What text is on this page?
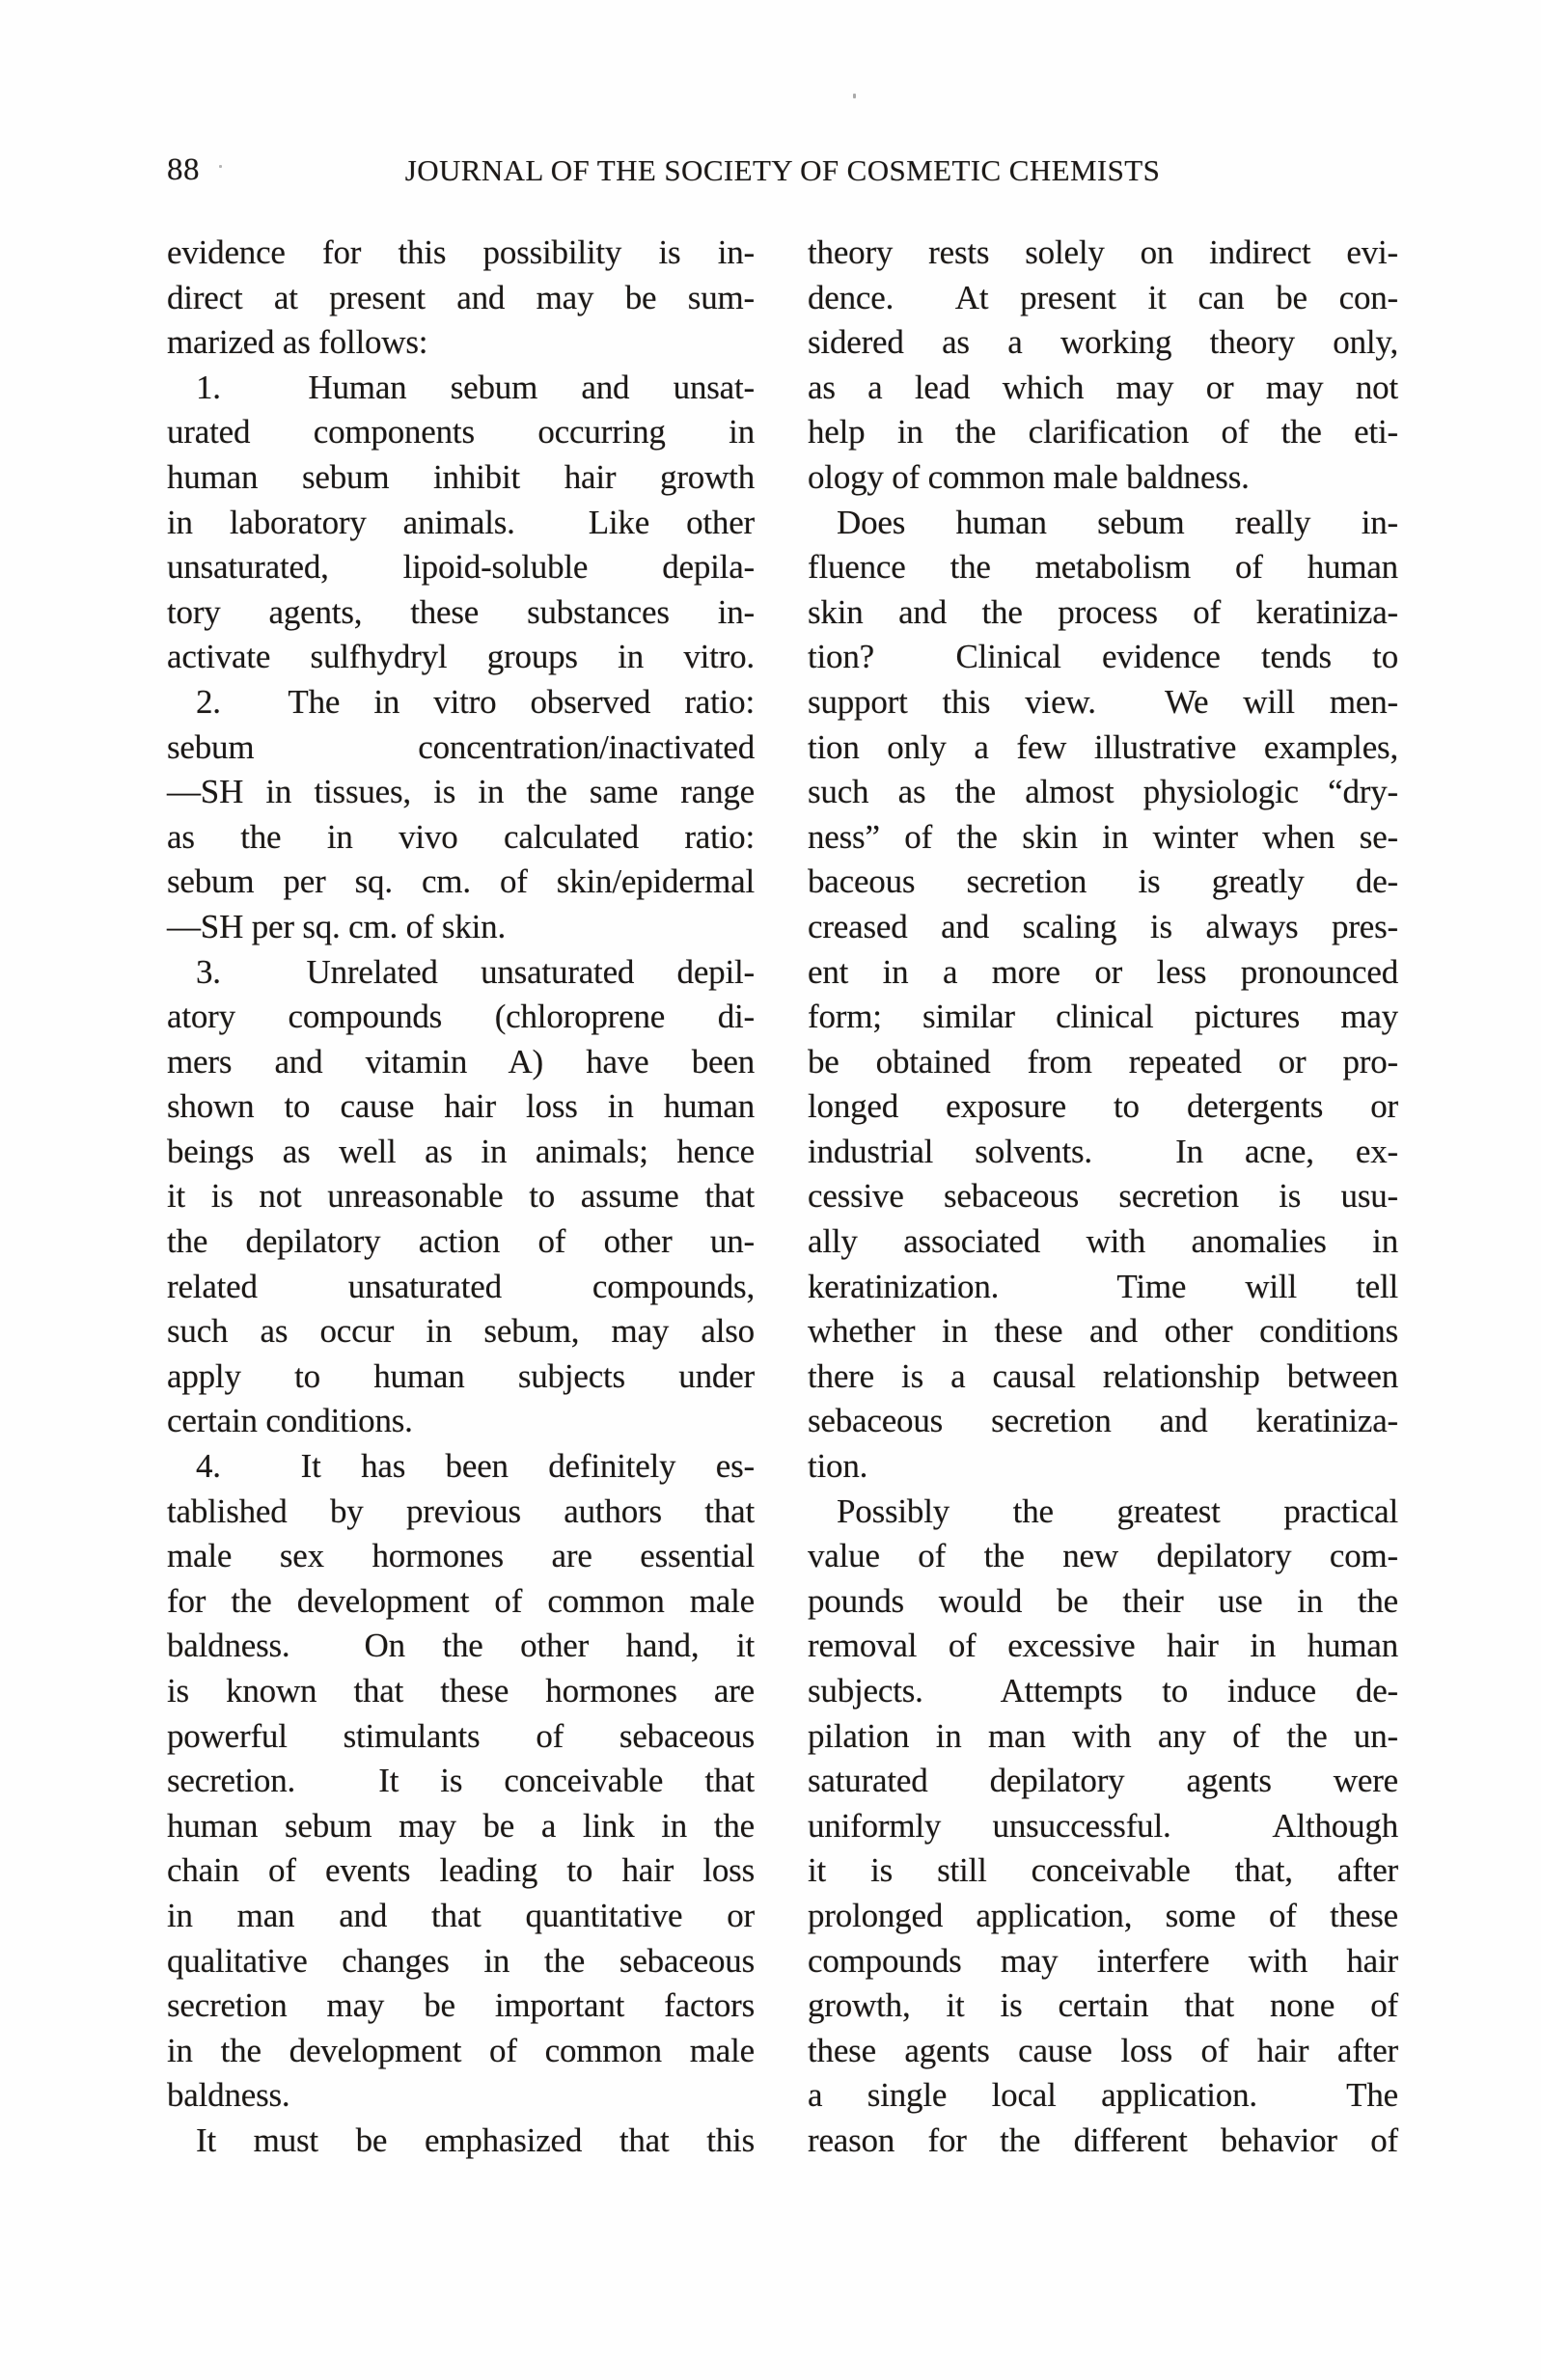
88	JOURNAL OF THE SOCIETY OF COSMETIC CHEMISTS
evidence for this possibility is in-
direct at present and may be sum-
marized as follows:
1.  Human sebum and unsat-
urated components occurring in
human sebum inhibit hair growth
in laboratory animals.  Like other
unsaturated, lipoid-soluble depila-
tory agents, these substances in-
activate sulfhydryl groups in vitro.
2.  The in vitro observed ratio:
sebum concentration/inactivated
—SH in tissues, is in the same range
as the in vivo calculated ratio:
sebum per sq. cm. of skin/epidermal
—SH per sq. cm. of skin.
3.  Unrelated unsaturated depil-
atory compounds (chloroprene di-
mers and vitamin A) have been
shown to cause hair loss in human
beings as well as in animals; hence
it is not unreasonable to assume that
the depilatory action of other un-
related unsaturated compounds,
such as occur in sebum, may also
apply to human subjects under
certain conditions.
4.  It has been definitely es-
tablished by previous authors that
male sex hormones are essential
for the development of common male
baldness.  On the other hand, it
is known that these hormones are
powerful stimulants of sebaceous
secretion.  It is conceivable that
human sebum may be a link in the
chain of events leading to hair loss
in man and that quantitative or
qualitative changes in the sebaceous
secretion may be important factors
in the development of common male
baldness.
It must be emphasized that this
theory rests solely on indirect evi-
dence.  At present it can be con-
sidered as a working theory only,
as a lead which may or may not
help in the clarification of the eti-
ology of common male baldness.
Does human sebum really in-
fluence the metabolism of human
skin and the process of keratiniza-
tion?  Clinical evidence tends to
support this view.  We will men-
tion only a few illustrative examples,
such as the almost physiologic “dry-
ness” of the skin in winter when se-
baceous secretion is greatly de-
creased and scaling is always pres-
ent in a more or less pronounced
form; similar clinical pictures may
be obtained from repeated or pro-
longed exposure to detergents or
industrial solvents.  In acne, ex-
cessive sebaceous secretion is usu-
ally associated with anomalies in
keratinization.  Time will tell
whether in these and other conditions
there is a causal relationship between
sebaceous secretion and keratiniza-
tion.
Possibly the greatest practical
value of the new depilatory com-
pounds would be their use in the
removal of excessive hair in human
subjects.  Attempts to induce de-
pilation in man with any of the un-
saturated depilatory agents were
uniformly unsuccessful.  Although
it is still conceivable that, after
prolonged application, some of these
compounds may interfere with hair
growth, it is certain that none of
these agents cause loss of hair after
a single local application.  The
reason for the different behavior of
